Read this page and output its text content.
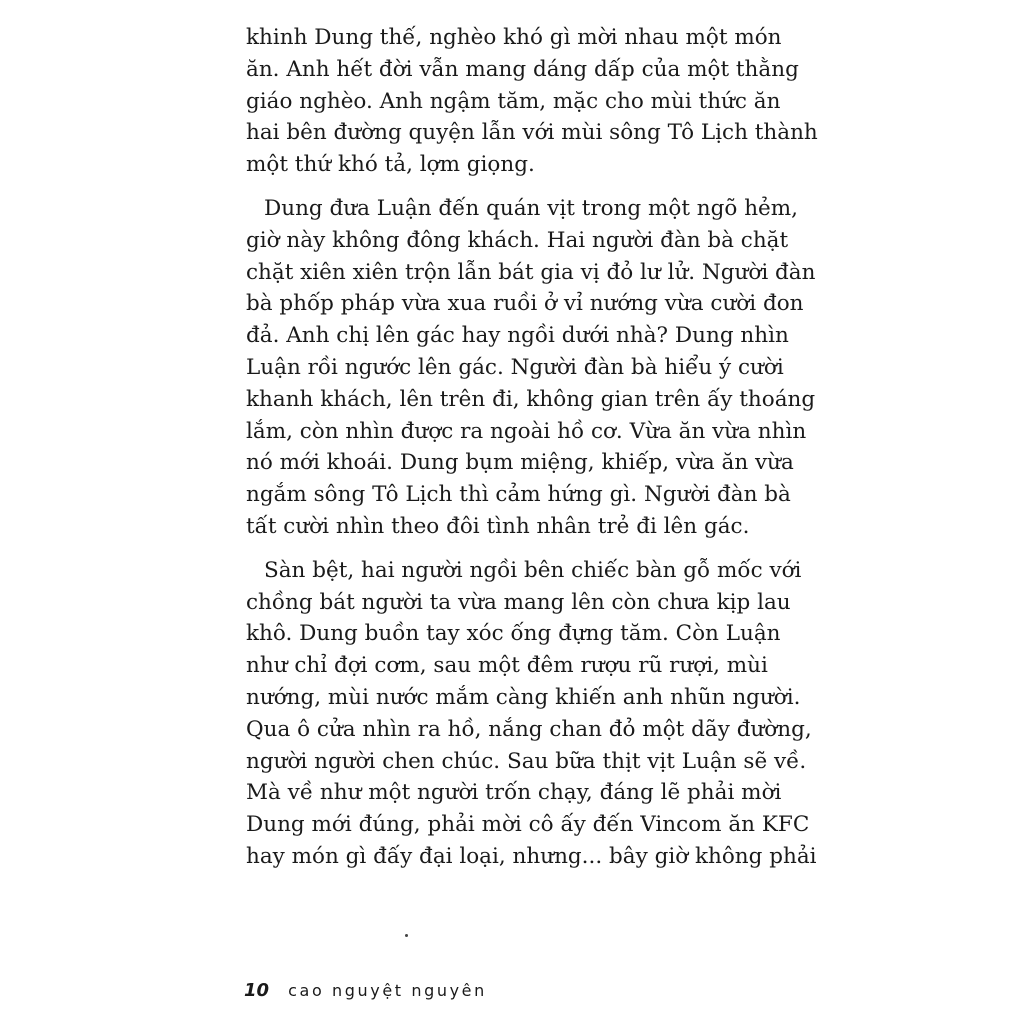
khinh Dung thế, nghèo khó gì mời nhau một món
ăn. Anh hết đời vẫn mang dáng dấp của một thằng
giáo nghèo. Anh ngậm tăm, mặc cho mùi thức ăn
hai bên đường quyện lẫn với mùi sông Tô Lịch thành
một thứ khó tả, lợm giọng.

Dung đưa Luận đến quán vịt trong một ngõ hẻm,
giờ này không đông khách. Hai người đàn bà chặt
chặt xiên xiên trộn lẫn bát gia vị đỏ lư lử. Người đàn
bà phốp pháp vừa xua ruồi ở vỉ nướng vừa cười đon
đả. Anh chị lên gác hay ngồi dưới nhà? Dung nhìn
Luận rồi ngước lên gác. Người đàn bà hiểu ý cười
khanh khách, lên trên đi, không gian trên ấy thoáng
lắm, còn nhìn được ra ngoài hồ cơ. Vừa ăn vừa nhìn
nó mới khoái. Dung bụm miệng, khiếp, vừa ăn vừa
ngắm sông Tô Lịch thì cảm hứng gì. Người đàn bà
tất cười nhìn theo đôi tình nhân trẻ đi lên gác.

Sàn bệt, hai người ngồi bên chiếc bàn gỗ mốc với
chồng bát người ta vừa mang lên còn chưa kịp lau
khô. Dung buồn tay xóc ống đựng tăm. Còn Luận
như chỉ đợi cơm, sau một đêm rượu rũ rượi, mùi
nướng, mùi nước mắm càng khiến anh nhũn người.
Qua ô cửa nhìn ra hồ, nắng chan đỏ một dãy đường,
người người chen chúc. Sau bữa thịt vịt Luận sẽ về.
Mà về như một người trốn chạy, đáng lẽ phải mời
Dung mới đúng, phải mời cô ấy đến Vincom ăn KFC
hay món gì đấy đại loại, nhưng... bây giờ không phải

10 cao nguyệt nguyên
